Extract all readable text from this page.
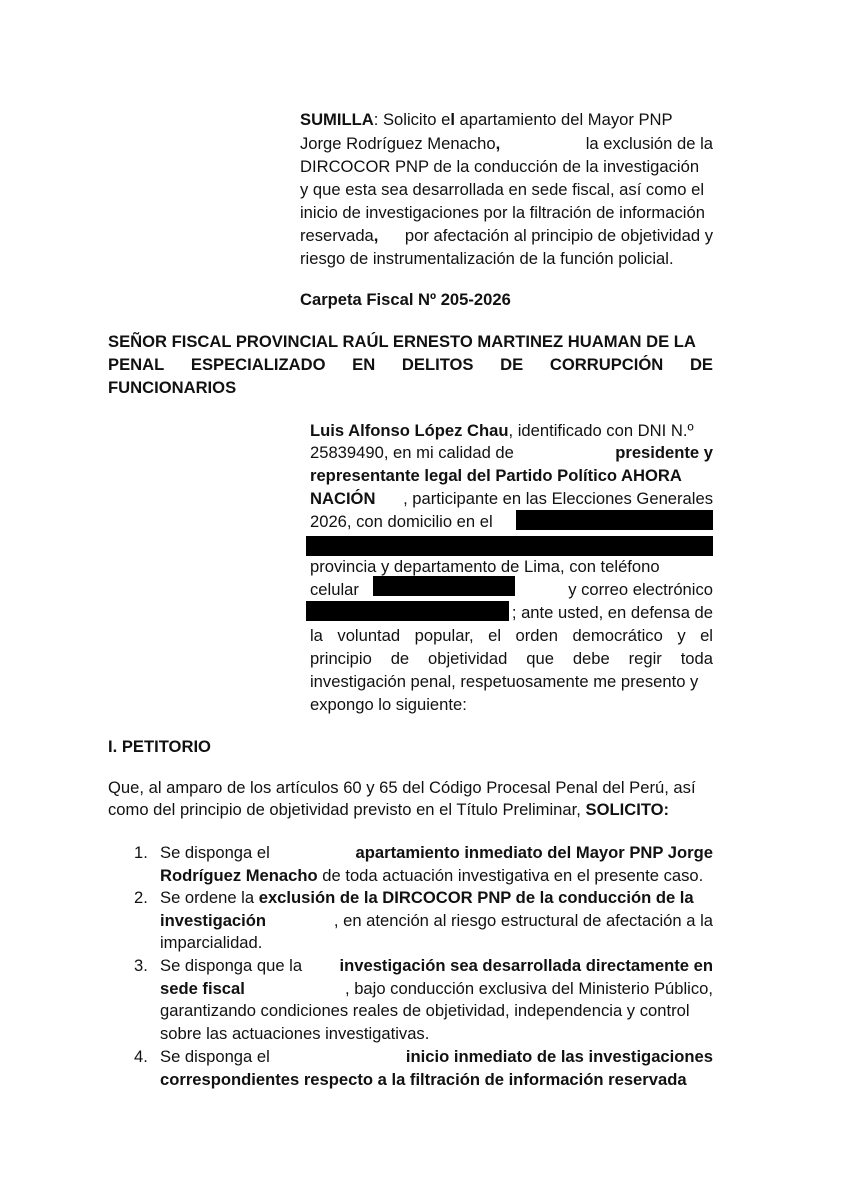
SUMILLA: Solicito el apartamiento del Mayor PNP
Jorge Rodríguez Menacho,	la exclusión de la
DIRCOCOR PNP de la conducción de la investigación
y que esta sea desarrollada en sede fiscal, así como el
inicio de investigaciones por la filtración de información
reservada, por afectación al principio de objetividad y
riesgo de instrumentalización de la función policial.
Carpeta Fiscal Nº 205-2026
SEÑOR FISCAL PROVINCIAL RAÚL ERNESTO MARTINEZ HUAMAN DE LA
PENAL ESPECIALIZADO EN DELITOS DE CORRUPCIÓN DE
FUNCIONARIOS
Luis Alfonso López Chau, identificado con DNI N.º
25839490, en mi calidad de	presidente y
representante legal del Partido Político AHORA
NACIÓN , participante en las Elecciones Generales
2026, con domicilio en el
provincia y departamento de Lima, con teléfono
celular	y correo electrónico
; ante usted, en defensa de
la voluntad popular, el orden democrático y el
principio de objetividad que debe regir toda
investigación penal, respetuosamente me presento y
expongo lo siguiente:
I. PETITORIO
Que, al amparo de los artículos 60 y 65 del Código Procesal Penal del Perú, así
como del principio de objetividad previsto en el Título Preliminar, SOLICITO:
1. Se disponga el	apartamiento inmediato del Mayor PNP Jorge
Rodríguez Menacho de toda actuación investigativa en el presente caso.
2. Se ordene la exclusión de la DIRCOCOR PNP de la conducción de la
investigación	, en atención al riesgo estructural de afectación a la
imparcialidad.
3. Se disponga que la investigación sea desarrollada directamente en
sede fiscal	, bajo conducción exclusiva del Ministerio Público,
garantizando condiciones reales de objetividad, independencia y control
sobre las actuaciones investigativas.
4. Se disponga el	inicio inmediato de las investigaciones
correspondientes respecto a la filtración de información reservada
